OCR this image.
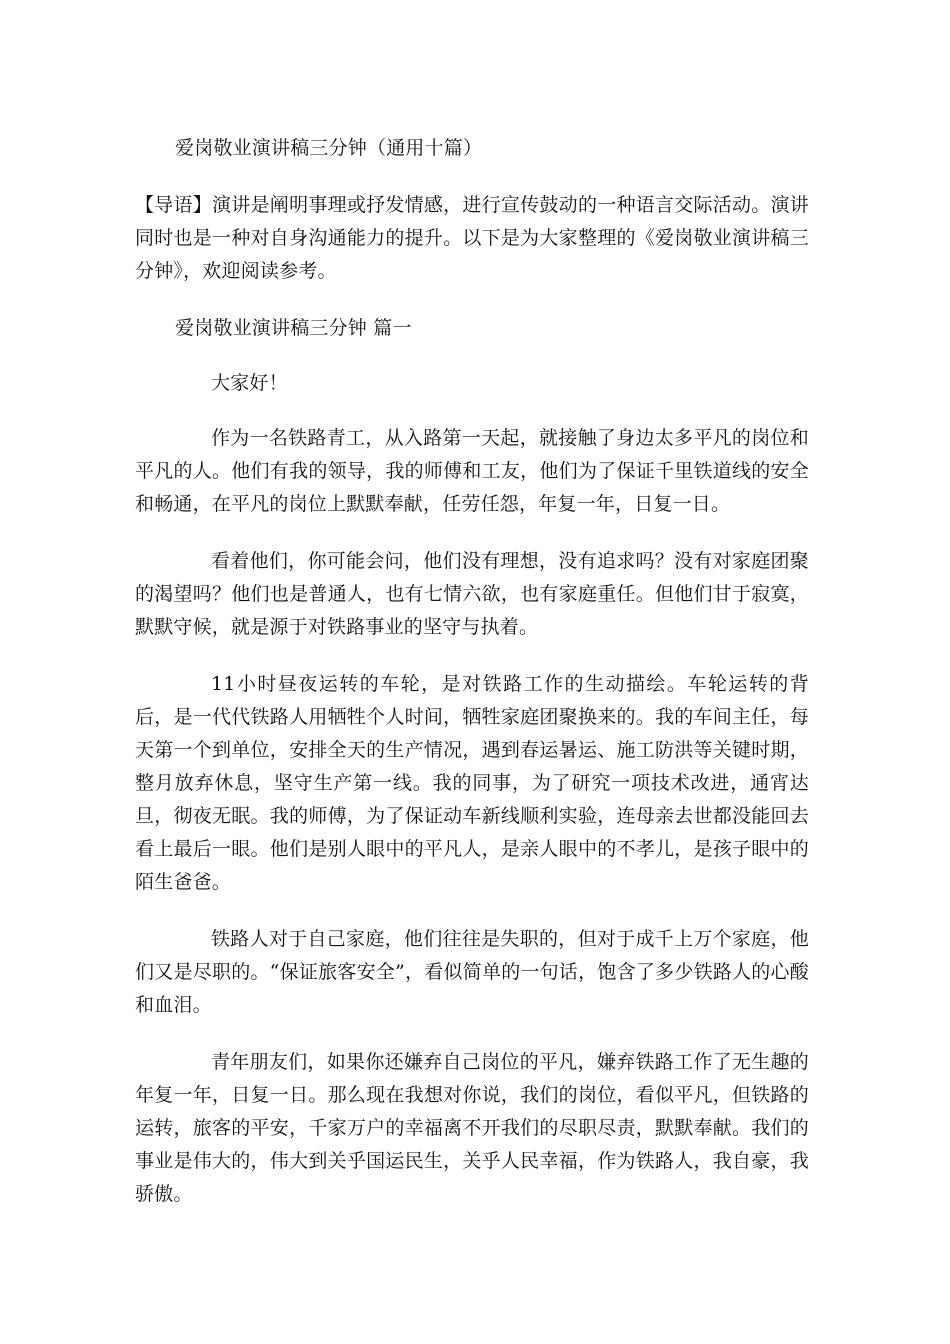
爱岗敬业演讲稿三分钟（通用十篇）

【导语】演讲是阐明事理或抒发情感，进行宣传鼓动的一种语言交际活动。演讲同时也是一种对自身沟通能力的提升。以下是为大家整理的《爱岗敬业演讲稿三分钟》，欢迎阅读参考。

爱岗敬业演讲稿三分钟 篇一

大家好！

作为一名铁路青工，从入路第一天起，就接触了身边太多平凡的岗位和平凡的人。他们有我的领导，我的师傅和工友，他们为了保证千里铁道线的安全和畅通，在平凡的岗位上默默奉献，任劳任怨，年复一年，日复一日。

看着他们，你可能会问，他们没有理想，没有追求吗？没有对家庭团聚的渴望吗？他们也是普通人，也有七情六欲，也有家庭重任。但他们甘于寂寞，默默守候，就是源于对铁路事业的坚守与执着。

11小时昼夜运转的车轮，是对铁路工作的生动描绘。车轮运转的背后，是一代代铁路人用牺牲个人时间，牺牲家庭团聚换来的。我的车间主任，每天第一个到单位，安排全天的生产情况，遇到春运暑运、施工防洪等关键时期，整月放弃休息，坚守生产第一线。我的同事，为了研究一项技术改进，通宵达旦，彻夜无眠。我的师傅，为了保证动车新线顺利实验，连母亲去世都没能回去看上最后一眼。他们是别人眼中的平凡人，是亲人眼中的不孝儿，是孩子眼中的陌生爸爸。

铁路人对于自己家庭，他们往往是失职的，但对于成千上万个家庭，他们又是尽职的。“保证旅客安全”，看似简单的一句话，饱含了多少铁路人的心酸和血泪。

青年朋友们，如果你还嫌弃自己岗位的平凡，嫌弃铁路工作了无生趣的年复一年，日复一日。那么现在我想对你说，我们的岗位，看似平凡，但铁路的运转，旅客的平安，千家万户的幸福离不开我们的尽职尽责，默默奉献。我们的事业是伟大的，伟大到关乎国运民生，关乎人民幸福，作为铁路人，我自豪，我骄傲。
